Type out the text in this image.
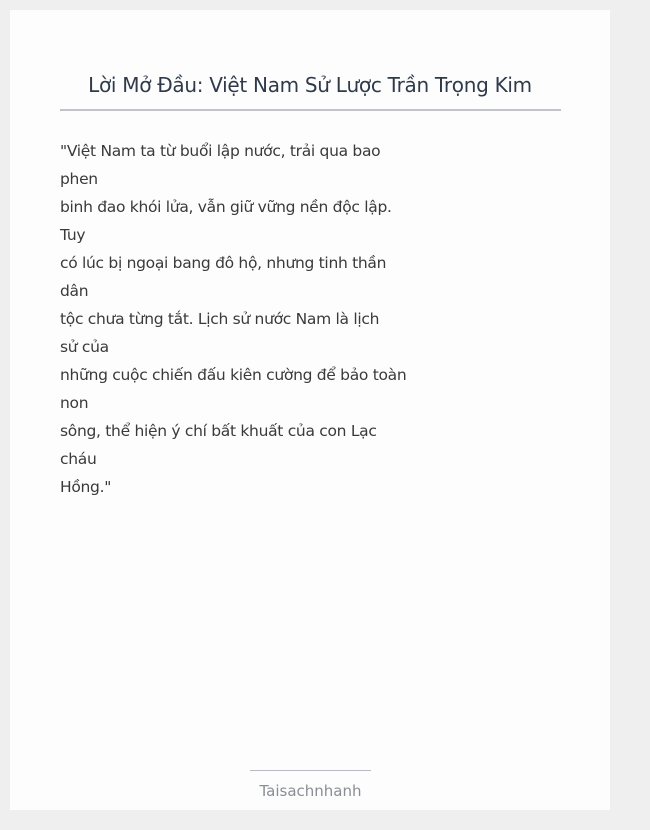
Lời Mở Đầu: Việt Nam Sử Lược Trần Trọng Kim
"Việt Nam ta từ buổi lập nước, trải qua bao
phen
binh đao khói lửa, vẫn giữ vững nền độc lập.
Tuy
có lúc bị ngoại bang đô hộ, nhưng tinh thần
dân
tộc chưa từng tắt. Lịch sử nước Nam là lịch
sử của
những cuộc chiến đấu kiên cường để bảo toàn
non
sông, thể hiện ý chí bất khuất của con Lạc
cháu
Hồng."
Taisachnhanh
